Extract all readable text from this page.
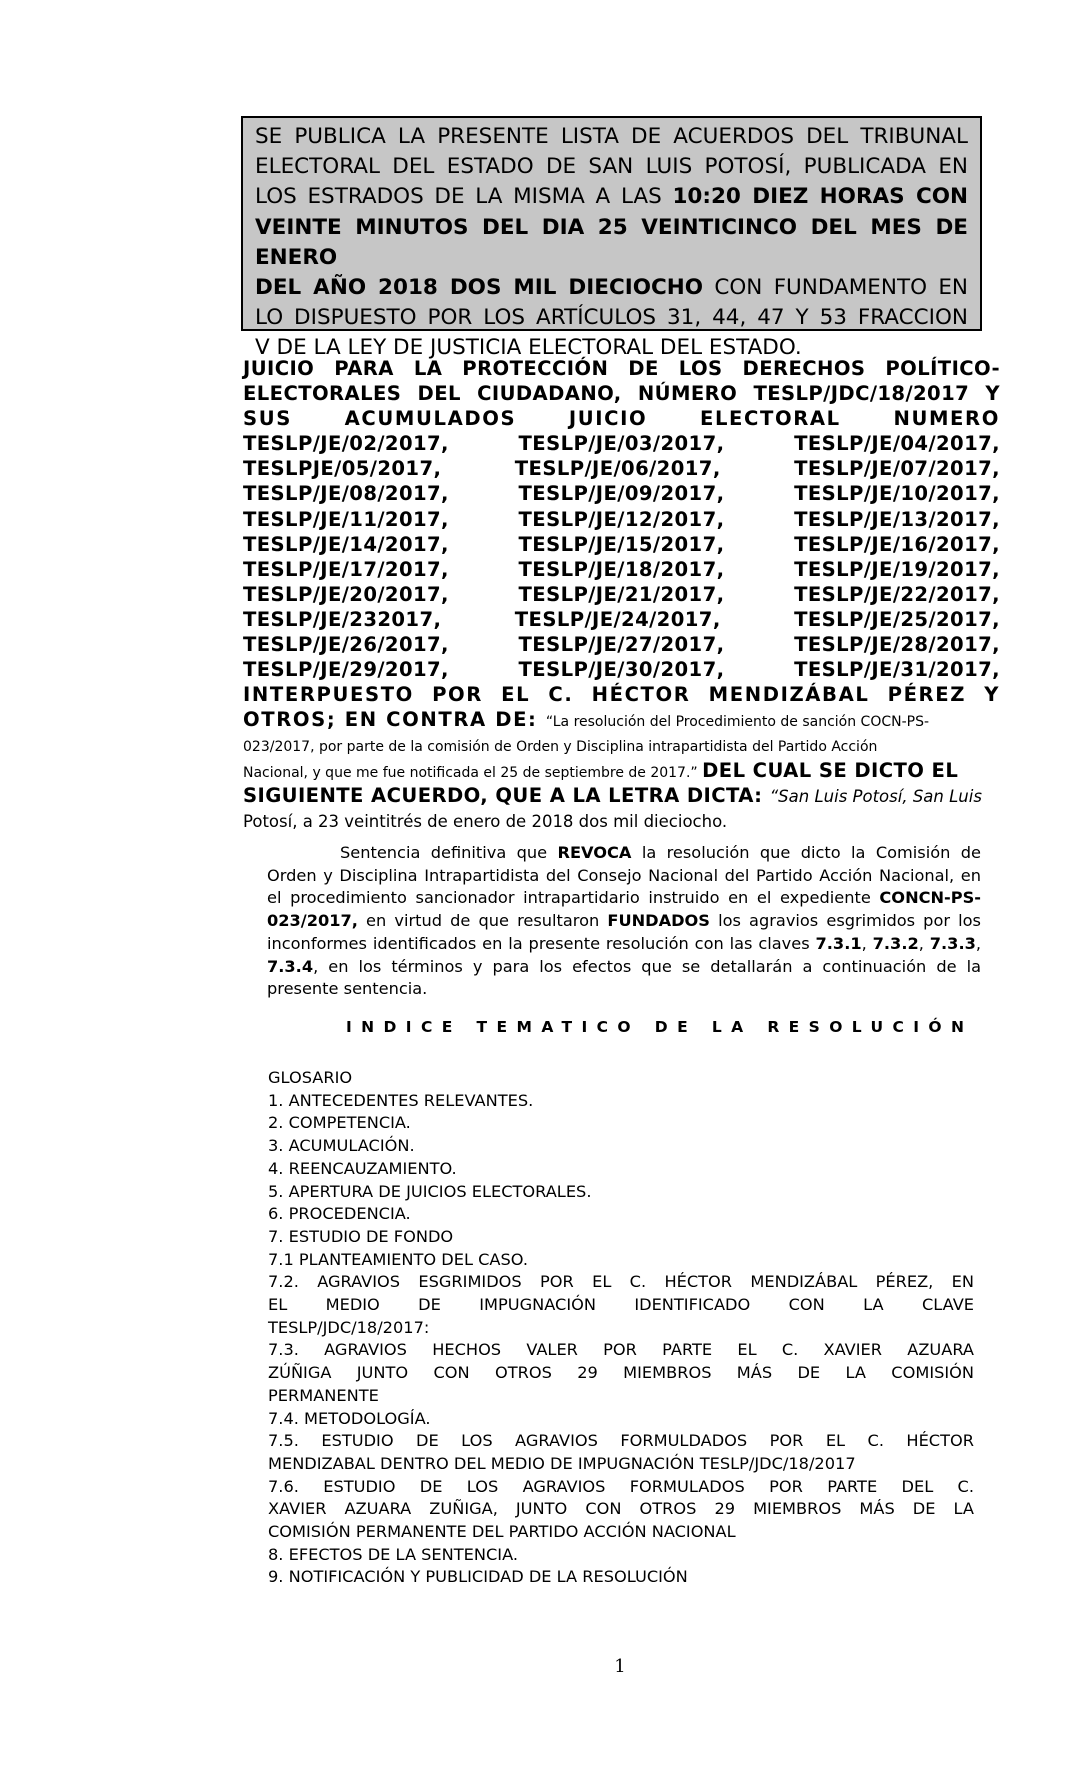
SE PUBLICA LA PRESENTE LISTA DE ACUERDOS DEL TRIBUNAL
ELECTORAL DEL ESTADO DE SAN LUIS POTOSÍ, PUBLICADA EN
LOS ESTRADOS DE LA MISMA A LAS 10:20 DIEZ HORAS CON
VEINTE MINUTOS DEL DIA 25 VEINTICINCO DEL MES DE ENERO
DEL AÑO 2018 DOS MIL DIECIOCHO CON FUNDAMENTO EN
LO DISPUESTO POR LOS ARTÍCULOS 31, 44, 47 Y 53 FRACCION
V DE LA LEY DE JUSTICIA ELECTORAL DEL ESTADO.
JUICIO PARA LA PROTECCIÓN DE LOS DERECHOS POLÍTICO-
ELECTORALES DEL CIUDADANO, NÚMERO TESLP/JDC/18/2017 Y
SUS ACUMULADOS JUICIO ELECTORAL NUMERO
TESLP/JE/02/2017,	TESLP/JE/03/2017,	TESLP/JE/04/2017,
TESLPJE/05/2017,	TESLP/JE/06/2017,	TESLP/JE/07/2017,
TESLP/JE/08/2017,	TESLP/JE/09/2017,	TESLP/JE/10/2017,
TESLP/JE/11/2017,	TESLP/JE/12/2017,	TESLP/JE/13/2017,
TESLP/JE/14/2017,	TESLP/JE/15/2017,	TESLP/JE/16/2017,
TESLP/JE/17/2017,	TESLP/JE/18/2017,	TESLP/JE/19/2017,
TESLP/JE/20/2017,	TESLP/JE/21/2017,	TESLP/JE/22/2017,
TESLP/JE/232017,	TESLP/JE/24/2017,	TESLP/JE/25/2017,
TESLP/JE/26/2017,	TESLP/JE/27/2017,	TESLP/JE/28/2017,
TESLP/JE/29/2017,	TESLP/JE/30/2017,	TESLP/JE/31/2017,
INTERPUESTO POR EL C. HÉCTOR MENDIZÁBAL PÉREZ Y
OTROS; EN CONTRA DE: “La resolución del Procedimiento de sanción COCN-PS-
023/2017, por parte de la comisión de Orden y Disciplina intrapartidista del Partido Acción
Nacional, y que me fue notificada el 25 de septiembre de 2017.” DEL CUAL SE DICTO EL
SIGUIENTE ACUERDO, QUE A LA LETRA DICTA: “San Luis Potosí, San Luis
Potosí, a 23 veintitrés de enero de 2018 dos mil dieciocho.
Sentencia definitiva que REVOCA la resolución que dicto la Comisión de Orden y Disciplina Intrapartidista del Consejo Nacional del Partido Acción Nacional, en el procedimiento sancionador intrapartidario instruido en el expediente CONCN-PS-023/2017, en virtud de que resultaron FUNDADOS los agravios esgrimidos por los inconformes identificados en la presente resolución con las claves 7.3.1, 7.3.2, 7.3.3, 7.3.4, en los términos y para los efectos que se detallarán a continuación de la presente sentencia.
INDICE TEMATICO DE LA RESOLUCIÓN
GLOSARIO
1. ANTECEDENTES RELEVANTES.
2. COMPETENCIA.
3. ACUMULACIÓN.
4. REENCAUZAMIENTO.
5. APERTURA DE JUICIOS ELECTORALES.
6. PROCEDENCIA.
7. ESTUDIO DE FONDO
7.1 PLANTEAMIENTO DEL CASO.
7.2. AGRAVIOS ESGRIMIDOS POR EL C. HÉCTOR MENDIZÁBAL PÉREZ, EN
EL MEDIO DE IMPUGNACIÓN IDENTIFICADO CON LA CLAVE
TESLP/JDC/18/2017:
7.3. AGRAVIOS HECHOS VALER POR PARTE EL C. XAVIER AZUARA
ZÚÑIGA JUNTO CON OTROS 29 MIEMBROS MÁS DE LA COMISIÓN
PERMANENTE
7.4. METODOLOGÍA.
7.5. ESTUDIO DE LOS AGRAVIOS FORMULDADOS POR EL C. HÉCTOR
MENDIZABAL DENTRO DEL MEDIO DE IMPUGNACIÓN TESLP/JDC/18/2017
7.6. ESTUDIO DE LOS AGRAVIOS FORMULADOS POR PARTE DEL C.
XAVIER AZUARA ZUÑIGA, JUNTO CON OTROS 29 MIEMBROS MÁS DE LA
COMISIÓN PERMANENTE DEL PARTIDO ACCIÓN NACIONAL
8. EFECTOS DE LA SENTENCIA.
9. NOTIFICACIÓN Y PUBLICIDAD DE LA RESOLUCIÓN
1
